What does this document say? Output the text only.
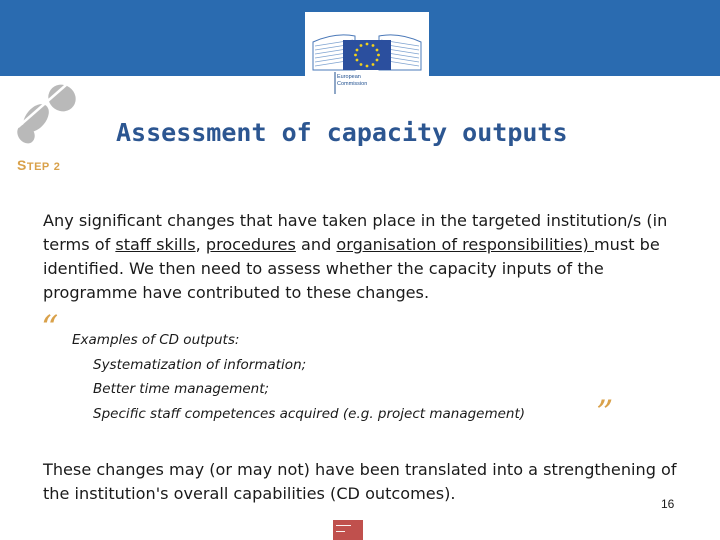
European
Commission
STEP 2
Assessment of capacity outputs
Any significant changes that have taken place in the targeted institution/s (in terms of staff skills, procedures and organisation of responsibilities) must be identified. We then need to assess whether the capacity inputs of the programme have contributed to these changes.
“ Examples of CD outputs:
Systematization of information;
Better time management;
Specific staff competences acquired (e.g. project management) ”
These changes may (or may not) have been translated into a strengthening of the institution's overall capabilities (CD outcomes).
16
▬▬▬▬▬
▬▬▬
